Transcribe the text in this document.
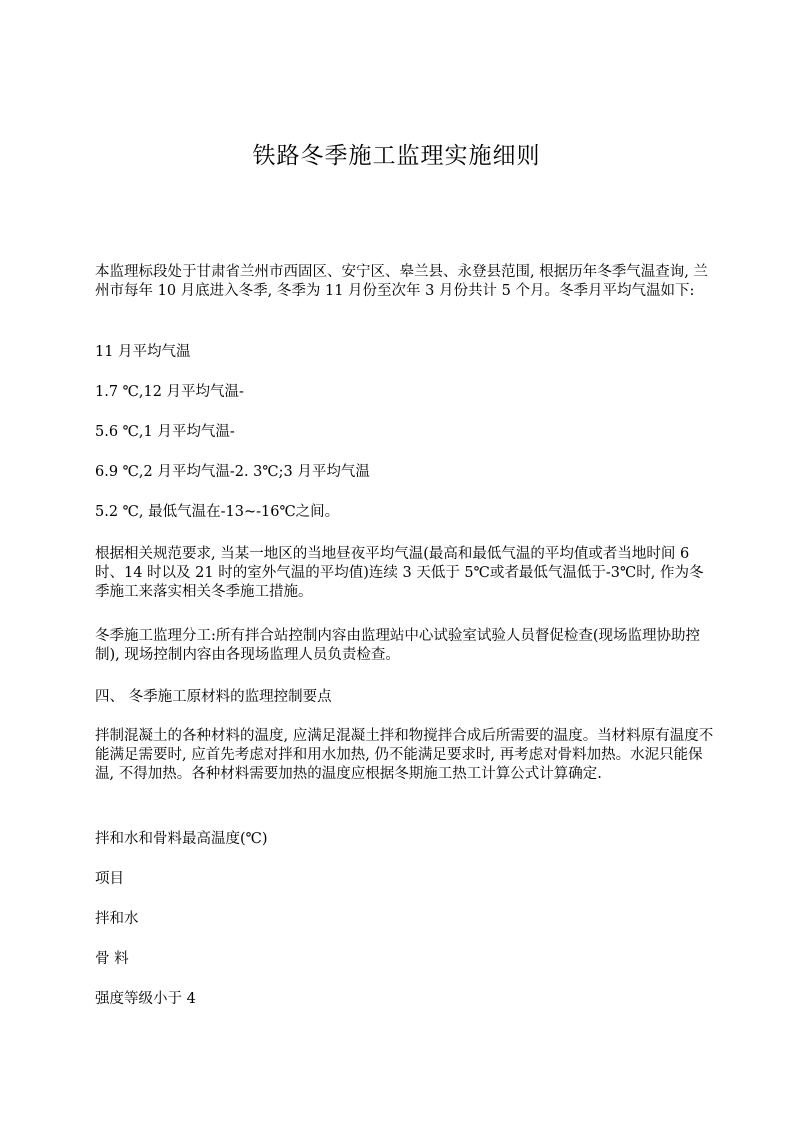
铁路冬季施工监理实施细则

本监理标段处于甘肃省兰州市西固区、安宁区、皋兰县、永登县范围, 根据历年冬季气温查询, 兰州市每年 10 月底进入冬季, 冬季为 11 月份至次年 3 月份共计 5 个月。冬季月平均气温如下:

11 月平均气温

1.7 ℃,12 月平均气温-

5.6 ℃,1 月平均气温-

6.9 ℃,2 月平均气温-2. 3℃;3 月平均气温

5.2 ℃, 最低气温在-13~-16℃之间。

根据相关规范要求, 当某一地区的当地昼夜平均气温(最高和最低气温的平均值或者当地时间 6 时、14 时以及 21 时的室外气温的平均值)连续 3 天低于 5℃或者最低气温低于-3℃时, 作为冬季施工来落实相关冬季施工措施。

冬季施工监理分工:所有拌合站控制内容由监理站中心试验室试验人员督促检查(现场监理协助控制), 现场控制内容由各现场监理人员负责检查。

四、 冬季施工原材料的监理控制要点

拌制混凝土的各种材料的温度, 应满足混凝土拌和物搅拌合成后所需要的温度。当材料原有温度不能满足需要时, 应首先考虑对拌和用水加热, 仍不能满足要求时, 再考虑对骨料加热。水泥只能保温, 不得加热。各种材料需要加热的温度应根据冬期施工热工计算公式计算确定.

拌和水和骨料最高温度(℃)

项目

拌和水

骨 料

强度等级小于 4
